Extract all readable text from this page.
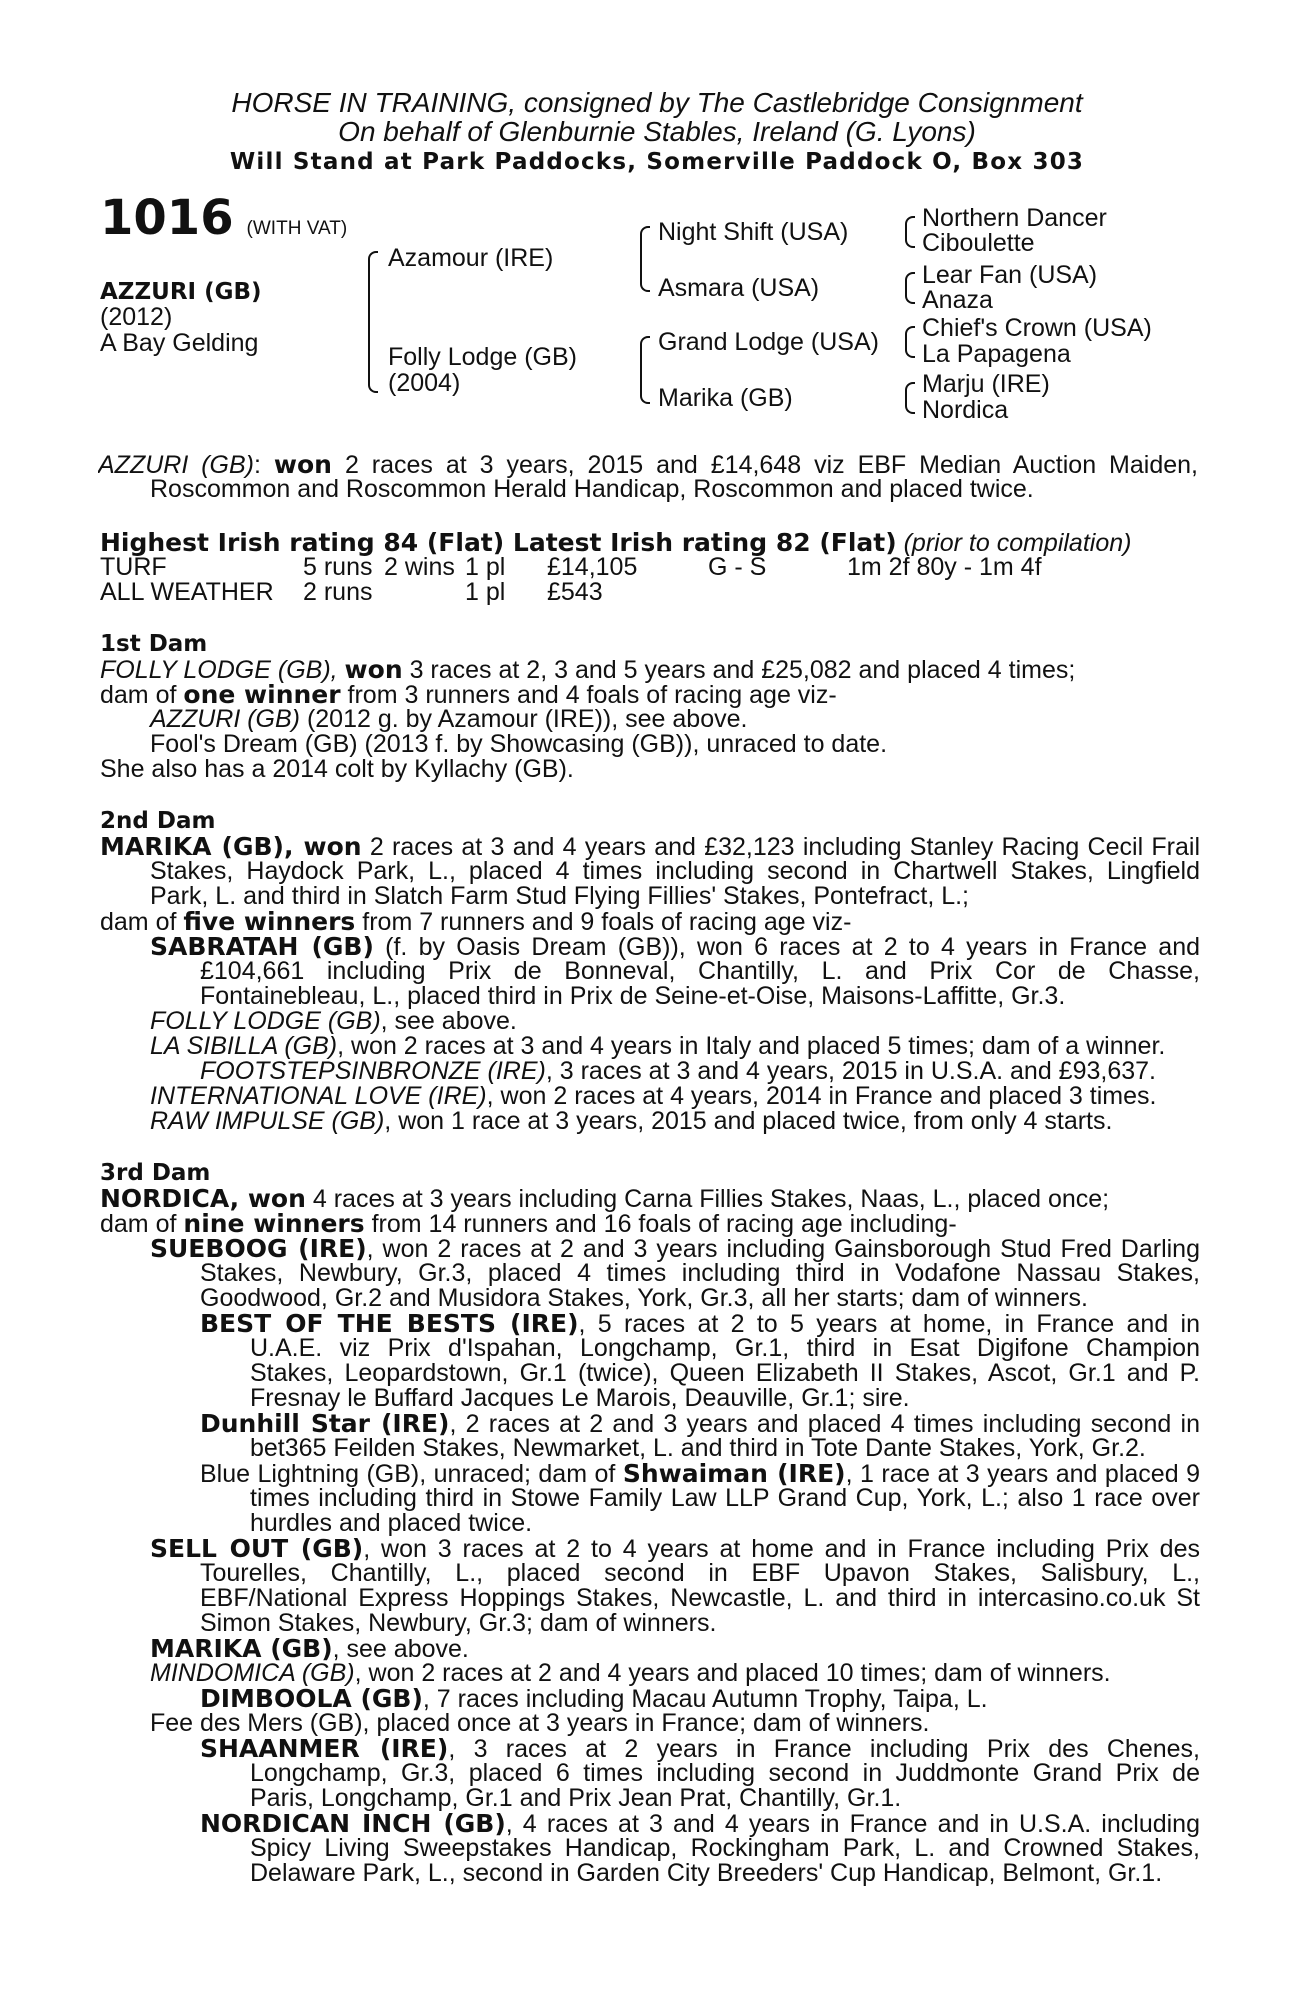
HORSE IN TRAINING, consigned by The Castlebridge Consignment
On behalf of Glenburnie Stables, Ireland (G. Lyons)
Will Stand at Park Paddocks, Somerville Paddock O, Box 303
1016 (WITH VAT)
AZZURI (GB)
(2012)
A Bay Gelding
Azamour (IRE)
Folly Lodge (GB)
(2004)
Night Shift (USA)
Asmara (USA)
Grand Lodge (USA)
Marika (GB)
Northern Dancer
Ciboulette
Lear Fan (USA)
Anaza
Chief's Crown (USA)
La Papagena
Marju (IRE)
Nordica
AZZURI (GB): won 2 races at 3 years, 2015 and £14,648 viz EBF Median Auction Maiden,
Roscommon and Roscommon Herald Handicap, Roscommon and placed twice.
Highest Irish rating 84 (Flat) Latest Irish rating 82 (Flat) (prior to compilation)
TURF	5 runs 2 wins 1 pl £14,105	G - S	1m 2f 80y - 1m 4f
ALL WEATHER 2 runs	1 pl £543
1st Dam
FOLLY LODGE (GB), won 3 races at 2, 3 and 5 years and £25,082 and placed 4 times;
dam of one winner from 3 runners and 4 foals of racing age viz-
AZZURI (GB) (2012 g. by Azamour (IRE)), see above.
Fool's Dream (GB) (2013 f. by Showcasing (GB)), unraced to date.
She also has a 2014 colt by Kyllachy (GB).
2nd Dam
MARIKA (GB), won 2 races at 3 and 4 years and £32,123 including Stanley Racing Cecil Frail
Stakes, Haydock Park, L., placed 4 times including second in Chartwell Stakes, Lingfield
Park, L. and third in Slatch Farm Stud Flying Fillies' Stakes, Pontefract, L.;
dam of five winners from 7 runners and 9 foals of racing age viz-
SABRATAH (GB) (f. by Oasis Dream (GB)), won 6 races at 2 to 4 years in France and
£104,661 including Prix de Bonneval, Chantilly, L. and Prix Cor de Chasse,
Fontainebleau, L., placed third in Prix de Seine-et-Oise, Maisons-Laffitte, Gr.3.
FOLLY LODGE (GB), see above.
LA SIBILLA (GB), won 2 races at 3 and 4 years in Italy and placed 5 times; dam of a winner.
FOOTSTEPSINBRONZE (IRE), 3 races at 3 and 4 years, 2015 in U.S.A. and £93,637.
INTERNATIONAL LOVE (IRE), won 2 races at 4 years, 2014 in France and placed 3 times.
RAW IMPULSE (GB), won 1 race at 3 years, 2015 and placed twice, from only 4 starts.
3rd Dam
NORDICA, won 4 races at 3 years including Carna Fillies Stakes, Naas, L., placed once;
dam of nine winners from 14 runners and 16 foals of racing age including-
SUEBOOG (IRE), won 2 races at 2 and 3 years including Gainsborough Stud Fred Darling
Stakes, Newbury, Gr.3, placed 4 times including third in Vodafone Nassau Stakes,
Goodwood, Gr.2 and Musidora Stakes, York, Gr.3, all her starts; dam of winners.
BEST OF THE BESTS (IRE), 5 races at 2 to 5 years at home, in France and in
U.A.E. viz Prix d'Ispahan, Longchamp, Gr.1, third in Esat Digifone Champion
Stakes, Leopardstown, Gr.1 (twice), Queen Elizabeth II Stakes, Ascot, Gr.1 and P.
Fresnay le Buffard Jacques Le Marois, Deauville, Gr.1; sire.
Dunhill Star (IRE), 2 races at 2 and 3 years and placed 4 times including second in
bet365 Feilden Stakes, Newmarket, L. and third in Tote Dante Stakes, York, Gr.2.
Blue Lightning (GB), unraced; dam of Shwaiman (IRE), 1 race at 3 years and placed 9
times including third in Stowe Family Law LLP Grand Cup, York, L.; also 1 race over
hurdles and placed twice.
SELL OUT (GB), won 3 races at 2 to 4 years at home and in France including Prix des
Tourelles, Chantilly, L., placed second in EBF Upavon Stakes, Salisbury, L.,
EBF/National Express Hoppings Stakes, Newcastle, L. and third in intercasino.co.uk St
Simon Stakes, Newbury, Gr.3; dam of winners.
MARIKA (GB), see above.
MINDOMICA (GB), won 2 races at 2 and 4 years and placed 10 times; dam of winners.
DIMBOOLA (GB), 7 races including Macau Autumn Trophy, Taipa, L.
Fee des Mers (GB), placed once at 3 years in France; dam of winners.
SHAANMER (IRE), 3 races at 2 years in France including Prix des Chenes,
Longchamp, Gr.3, placed 6 times including second in Juddmonte Grand Prix de
Paris, Longchamp, Gr.1 and Prix Jean Prat, Chantilly, Gr.1.
NORDICAN INCH (GB), 4 races at 3 and 4 years in France and in U.S.A. including
Spicy Living Sweepstakes Handicap, Rockingham Park, L. and Crowned Stakes,
Delaware Park, L., second in Garden City Breeders' Cup Handicap, Belmont, Gr.1.
